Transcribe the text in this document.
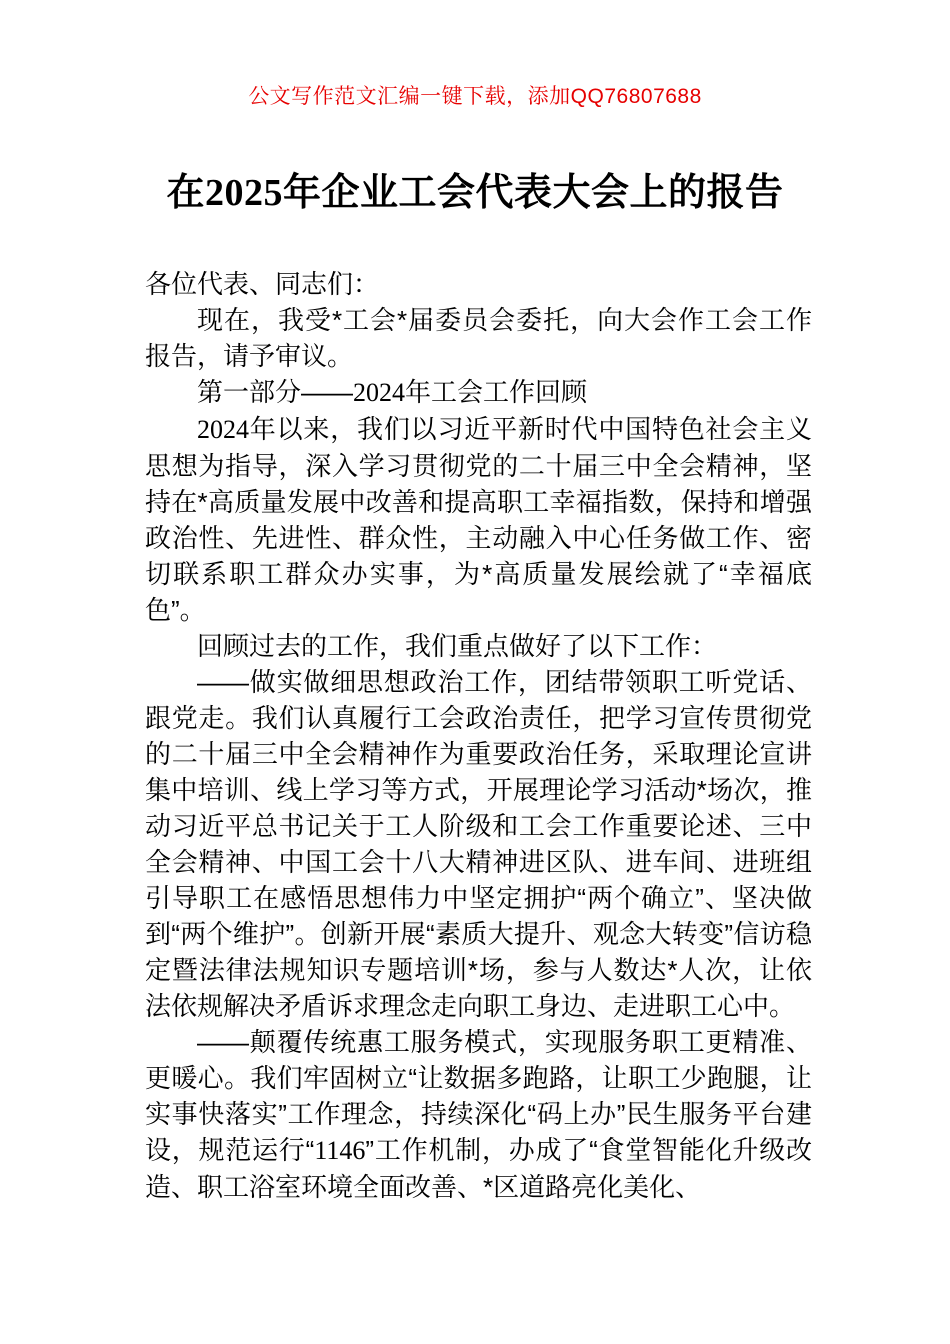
公文写作范文汇编一键下载，添加QQ76807688
在2025年企业工会代表大会上的报告

各位代表、同志们：

现在，我受*工会*届委员会委托，向大会作工会工作报告，请予审议。

第一部分——2024年工会工作回顾

2024年以来，我们以习近平新时代中国特色社会主义思想为指导，深入学习贯彻党的二十届三中全会精神，坚持在*高质量发展中改善和提高职工幸福指数，保持和增强政治性、先进性、群众性，主动融入中心任务做工作、密切联系职工群众办实事，为*高质量发展绘就了“幸福底色”。

回顾过去的工作，我们重点做好了以下工作：

——做实做细思想政治工作，团结带领职工听党话、跟党走。我们认真履行工会政治责任，把学习宣传贯彻党的二十届三中全会精神作为重要政治任务，采取理论宣讲集中培训、线上学习等方式，开展理论学习活动*场次，推动习近平总书记关于工人阶级和工会工作重要论述、三中全会精神、中国工会十八大精神进区队、进车间、进班组引导职工在感悟思想伟力中坚定拥护“两个确立”、坚决做到“两个维护”。创新开展“素质大提升、观念大转变”信访稳定暨法律法规知识专题培训*场，参与人数达*人次，让依法依规解决矛盾诉求理念走向职工身边、走进职工心中。

——颠覆传统惠工服务模式，实现服务职工更精准、更暖心。我们牢固树立“让数据多跑路，让职工少跑腿，让实事快落实”工作理念，持续深化“码上办”民生服务平台建设，规范运行“1146”工作机制，办成了“食堂智能化升级改造、职工浴室环境全面改善、*区道路亮化美化、
